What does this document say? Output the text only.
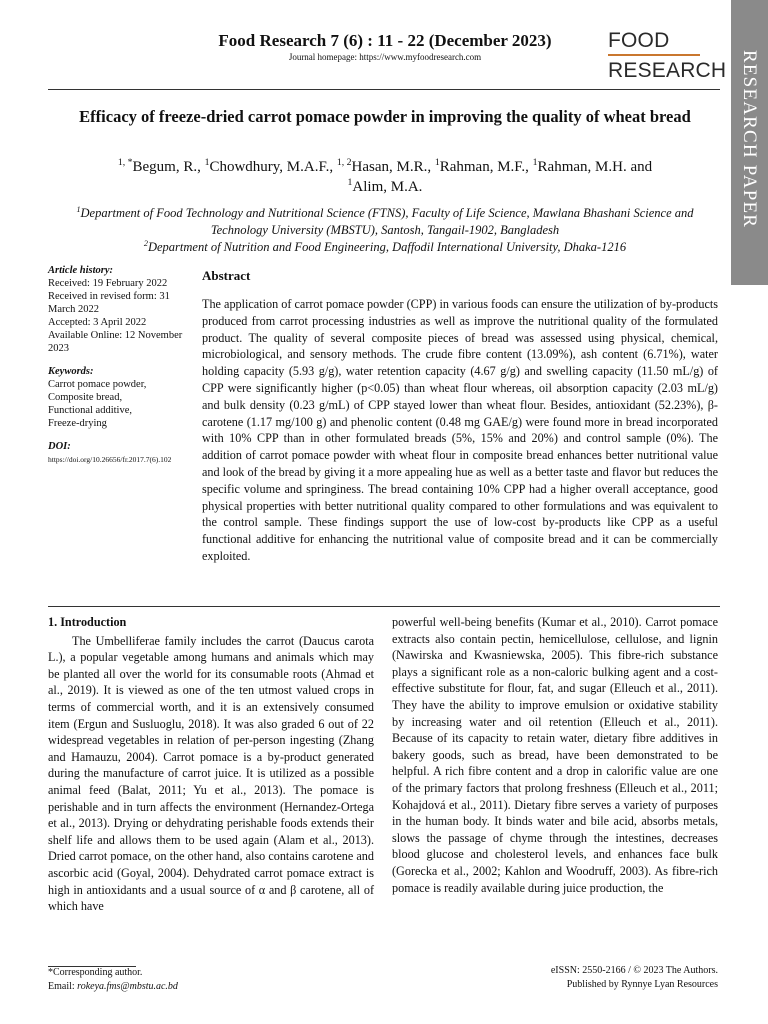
RESEARCH PAPER
Food Research 7 (6) : 11 - 22 (December 2023)
Journal homepage: https://www.myfoodresearch.com
FOOD
RESEARCH
Efficacy of freeze-dried carrot pomace powder in improving the quality of wheat bread
$^{1, *}$Begum, R., $^1$Chowdhury, M.A.F., $^{1, 2}$Hasan, M.R., $^1$Rahman, M.F., $^1$Rahman, M.H. and
$^1$Alim, M.A.
$^1$Department of Food Technology and Nutritional Science (FTNS), Faculty of Life Science, Mawlana Bhashani Science and Technology University (MBSTU), Santosh, Tangail-1902, Bangladesh
$^2$Department of Nutrition and Food Engineering, Daffodil International University, Dhaka-1216
Article history:
Received: 19 February 2022
Received in revised form: 31 March 2022
Accepted: 3 April 2022
Available Online: 12 November 2023
Keywords:
Carrot pomace powder,
Composite bread,
Functional additive,
Freeze-drying
DOI:
https://doi.org/10.26656/fr.2017.7(6).102
Abstract
The application of carrot pomace powder (CPP) in various foods can ensure the utilization of by-products produced from carrot processing industries as well as improve the nutritional quality of the formulated product. The quality of several composite pieces of bread was assessed using physical, chemical, microbiological, and sensory methods. The crude fibre content (13.09%), ash content (6.71%), water holding capacity (5.93 g/g), water retention capacity (4.67 g/g) and swelling capacity (11.50 mL/g) of CPP were significantly higher (p<0.05) than wheat flour whereas, oil absorption capacity (2.03 mL/g) and bulk density (0.23 g/mL) of CPP stayed lower than wheat flour. Besides, antioxidant (52.23%), β-carotene (1.17 mg/100 g) and phenolic content (0.48 mg GAE/g) were found more in bread incorporated with 10% CPP than in other formulated breads (5%, 15% and 20%) and control sample (0%). The addition of carrot pomace powder with wheat flour in composite bread enhances better nutritional value and look of the bread by giving it a more appealing hue as well as a better taste and flavor but reduces the specific volume and springiness. The bread containing 10% CPP had a higher overall acceptance, good physical properties with better nutritional quality compared to other formulations and was equivalent to the control sample. These findings support the use of low-cost by-products like CPP as a useful functional additive for enhancing the nutritional value of composite bread and it can be commercially exploited.
1. Introduction

The Umbelliferae family includes the carrot (Daucus carota L.), a popular vegetable among humans and animals which may be planted all over the world for its consumable roots (Ahmad et al., 2019). It is viewed as one of the ten utmost valued crops in terms of commercial worth, and it is an extensively consumed item (Ergun and Susluoglu, 2018). It was also graded 6 out of 22 widespread vegetables in relation of per-person ingesting (Zhang and Hamauzu, 2004). Carrot pomace is a by-product generated during the manufacture of carrot juice. It is utilized as a possible animal feed (Balat, 2011; Yu et al., 2013). The pomace is perishable and in turn affects the environment (Hernandez-Ortega et al., 2013). Drying or dehydrating perishable foods extends their shelf life and allows them to be used again (Alam et al., 2013). Dried carrot pomace, on the other hand, also contains carotene and ascorbic acid (Goyal, 2004). Dehydrated carrot pomace extract is high in antioxidants and a usual source of α and β carotene, all of which have

powerful well-being benefits (Kumar et al., 2010). Carrot pomace extracts also contain pectin, hemicellulose, cellulose, and lignin (Nawirska and Kwasniewska, 2005). This fibre-rich substance plays a significant role as a non-caloric bulking agent and a cost-effective substitute for flour, fat, and sugar (Elleuch et al., 2011). They have the ability to improve emulsion or oxidative stability by increasing water and oil retention (Elleuch et al., 2011). Because of its capacity to retain water, dietary fibre additives in bakery goods, such as bread, have been demonstrated to be helpful. A rich fibre content and a drop in calorific value are one of the primary factors that prolong freshness (Elleuch et al., 2011; Kohajdová et al., 2011). Dietary fibre serves a variety of purposes in the human body. It binds water and bile acid, absorbs metals, slows the passage of chyme through the intestines, decreases blood glucose and cholesterol levels, and enhances face bulk (Gorecka et al., 2002; Kahlon and Woodruff, 2003). As fibre-rich pomace is readily available during juice production, the

*Corresponding author.
Email: rokeya.fms@mbstu.ac.bd
eISSN: 2550-2166 / © 2023 The Authors.
Published by Rynnye Lyan Resources
